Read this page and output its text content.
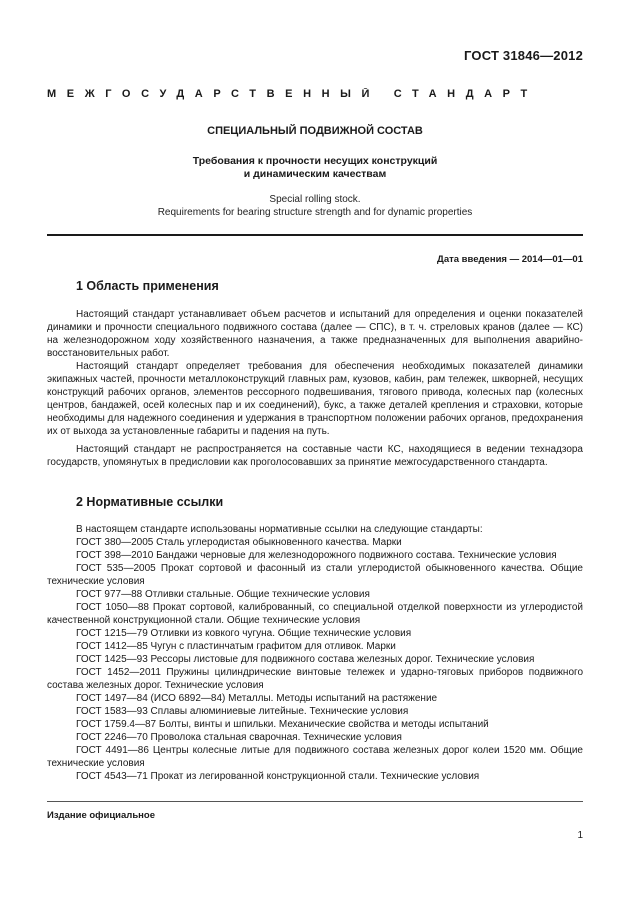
ГОСТ 31846—2012
МЕЖГОСУДАРСТВЕННЫЙ СТАНДАРТ
СПЕЦИАЛЬНЫЙ ПОДВИЖНОЙ СОСТАВ
Требования к прочности несущих конструкций
и динамическим качествам
Special rolling stock.
Requirements for bearing structure strength and for dynamic properties
Дата введения — 2014—01—01
1 Область применения
Настоящий стандарт устанавливает объем расчетов и испытаний для определения и оценки показателей динамики и прочности специального подвижного состава (далее — СПС), в т. ч. стреловых кранов (далее — КС) на железнодорожном ходу хозяйственного назначения, а также предназначенных для выполнения аварийно-восстановительных работ.
Настоящий стандарт определяет требования для обеспечения необходимых показателей динамики экипажных частей, прочности металлоконструкций главных рам, кузовов, кабин, рам тележек, шкворней, несущих конструкций рабочих органов, элементов рессорного подвешивания, тягового привода, колесных пар (колесных центров, бандажей, осей колесных пар и их соединений), букс, а также деталей крепления и страховки, которые необходимы для надежного соединения и удержания в транспортном положении рабочих органов, предохранения их от выхода за установленные габариты и падения на путь.
Настоящий стандарт не распространяется на составные части КС, находящиеся в ведении технадзора государств, упомянутых в предисловии как проголосовавших за принятие межгосударственного стандарта.
2 Нормативные ссылки

В настоящем стандарте использованы нормативные ссылки на следующие стандарты:

ГОСТ 380—2005 Сталь углеродистая обыкновенного качества. Марки

ГОСТ 398—2010 Бандажи черновые для железнодорожного подвижного состава. Технические условия

ГОСТ 535—2005 Прокат сортовой и фасонный из стали углеродистой обыкновенного качества. Общие технические условия

ГОСТ 977—88 Отливки стальные. Общие технические условия

ГОСТ 1050—88 Прокат сортовой, калиброванный, со специальной отделкой поверхности из углеродистой качественной конструкционной стали. Общие технические условия

ГОСТ 1215—79 Отливки из ковкого чугуна. Общие технические условия

ГОСТ 1412—85 Чугун с пластинчатым графитом для отливок. Марки

ГОСТ 1425—93 Рессоры листовые для подвижного состава железных дорог. Технические условия

ГОСТ 1452—2011 Пружины цилиндрические винтовые тележек и ударно-тяговых приборов подвижного состава железных дорог. Технические условия

ГОСТ 1497—84 (ИСО 6892—84) Металлы. Методы испытаний на растяжение

ГОСТ 1583—93 Сплавы алюминиевые литейные. Технические условия

ГОСТ 1759.4—87 Болты, винты и шпильки. Механические свойства и методы испытаний

ГОСТ 2246—70 Проволока стальная сварочная. Технические условия

ГОСТ 4491—86 Центры колесные литые для подвижного состава железных дорог колеи 1520 мм. Общие технические условия

ГОСТ 4543—71 Прокат из легированной конструкционной стали. Технические условия

Издание официальное
1
